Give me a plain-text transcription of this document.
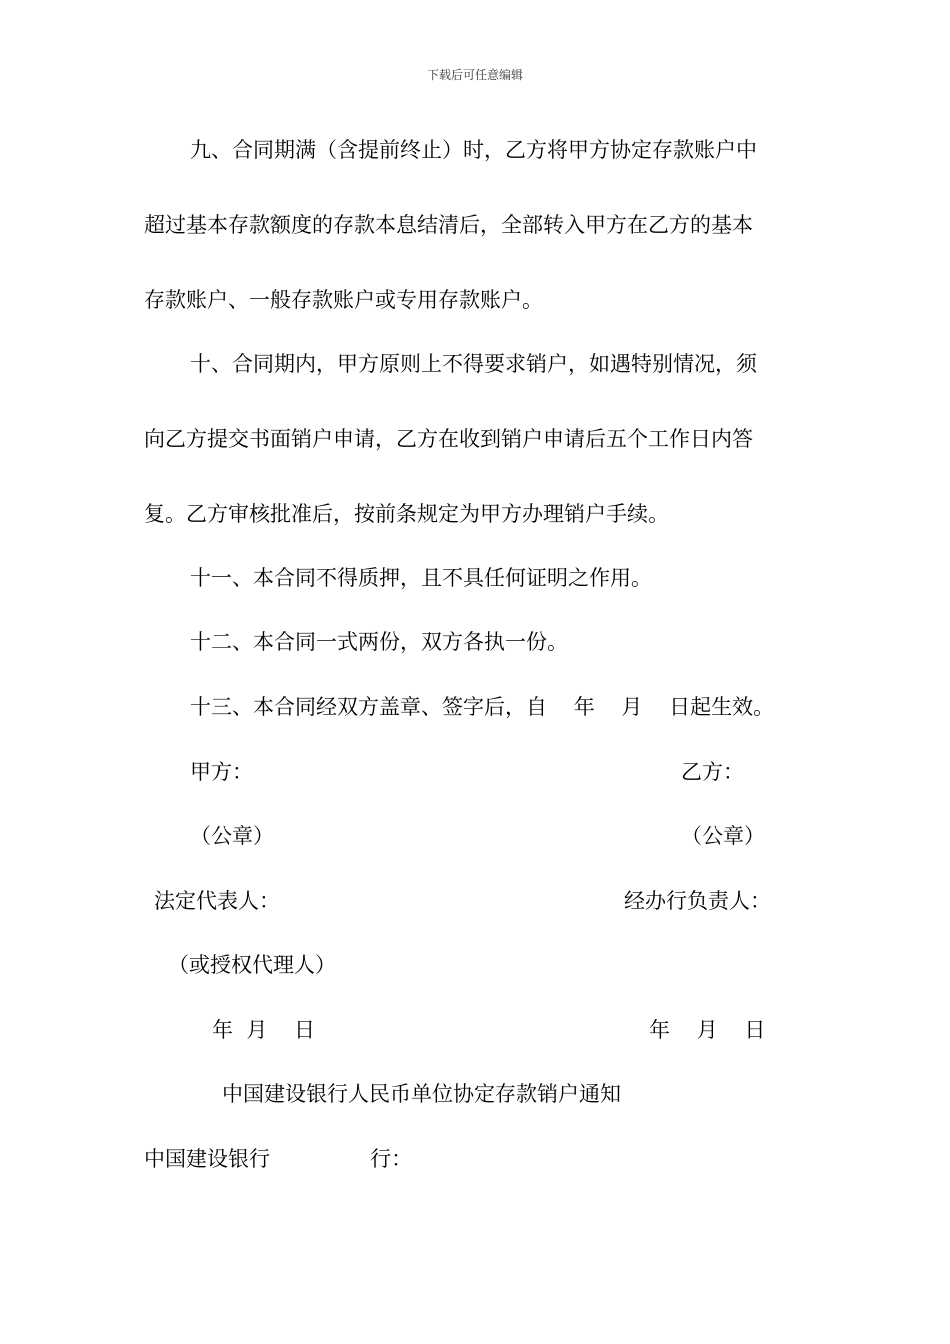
下载后可任意编辑
九、合同期满（含提前终止）时，乙方将甲方协定存款账户中
超过基本存款额度的存款本息结清后，全部转入甲方在乙方的基本
存款账户、一般存款账户或专用存款账户。
十、合同期内，甲方原则上不得要求销户，如遇特别情况，须
向乙方提交书面销户申请，乙方在收到销户申请后五个工作日内答
复。乙方审核批准后，按前条规定为甲方办理销户手续。
十一、本合同不得质押，且不具任何证明之作用。
十二、本合同一式两份，双方各执一份。
十三、本合同经双方盖章、签字后，自    年    月    日起生效。
甲方：	乙方：
（公章）	（公章）
法定代表人：	经办行负责人：
（或授权代理人）
年  月    日	年    月    日
中国建设银行人民币单位协定存款销户通知
中国建设银行               行：
